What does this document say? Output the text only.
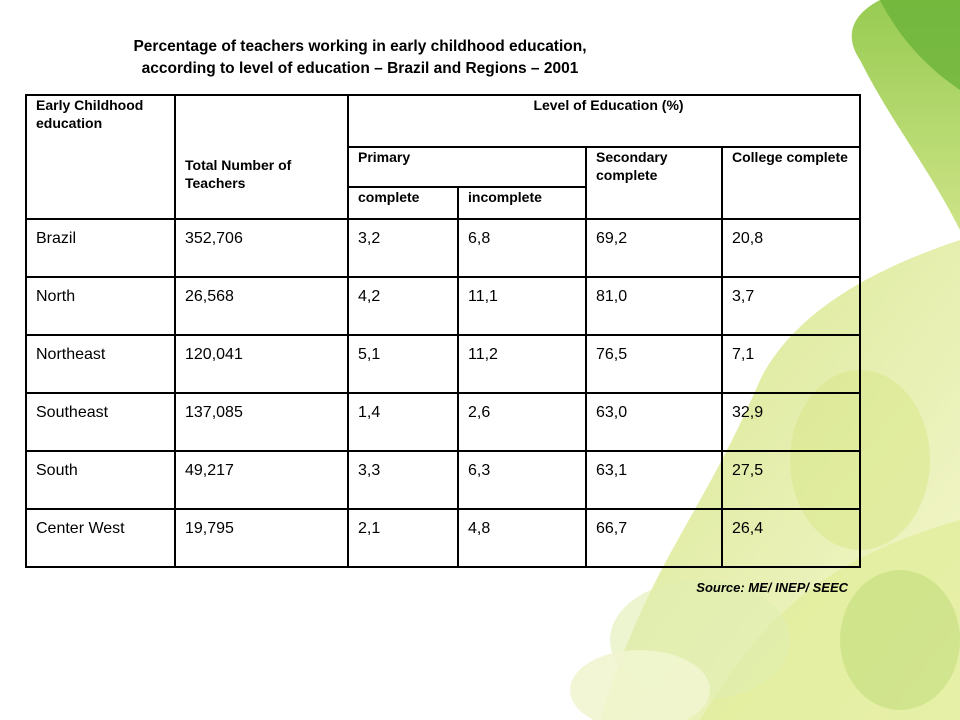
Percentage of teachers working in early childhood education,
according to level of education – Brazil and Regions – 2001
Early Childhood education	Total Number of Teachers	Level of Education (%)			
		Primary		Secondary complete	College complete
		complete	incomplete		
Brazil	352,706	3,2	6,8	69,2	20,8
North	26,568	4,2	11,1	81,0	3,7
Northeast	120,041	5,1	11,2	76,5	7,1
Southeast	137,085	1,4	2,6	63,0	32,9
South	49,217	3,3	6,3	63,1	27,5
Center West	19,795	2,1	4,8	66,7	26,4
Source: ME/ INEP/ SEEC
